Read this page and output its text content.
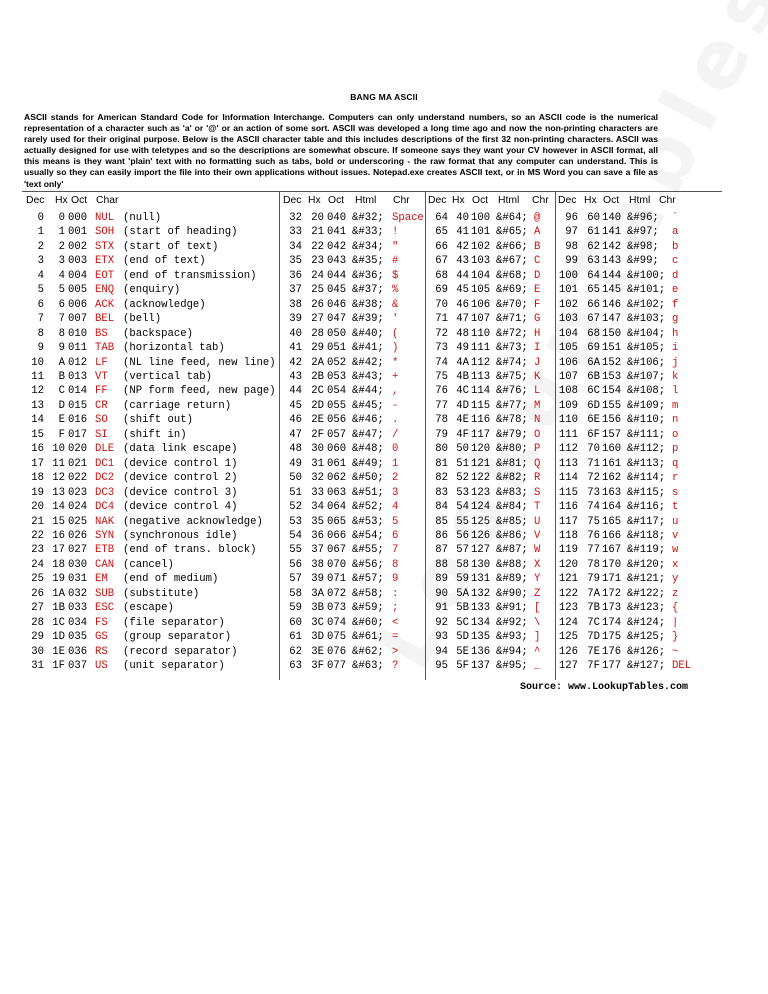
BANG MA ASCII
ASCII stands for American Standard Code for Information Interchange. Computers can only understand numbers, so an ASCII code is the numerical representation of a character such as 'a' or '@' or an action of some sort. ASCII was developed a long time ago and now the non-printing characters are rarely used for their original purpose. Below is the ASCII character table and this includes descriptions of the first 32 non-printing characters. ASCII was actually designed for use with teletypes and so the descriptions are somewhat obscure. If someone says they want your CV however in ASCII format, all this means is they want 'plain' text with no formatting such as tabs, bold or underscoring - the raw format that any computer can understand. This is usually so they can easily import the file into their own applications without issues. Notepad.exe creates ASCII text, or in MS Word you can save a file as 'text only'
Dec Hx Oct Char
0	0 000 NUL (null)
1	1 001 SOH (start of heading)
2	2 002 STX (start of text)
3	3 003 ETX (end of text)
4	4 004 EOT (end of transmission)
5	5 005 ENQ (enquiry)
6	6 006 ACK (acknowledge)
7	7 007 BEL (bell)
8	8 010 BS	(backspace)
9	9 011 TAB (horizontal tab)
10	A 012 LF	(NL line feed, new line)
11	B 013 VT	(vertical tab)
12	C 014 FF	(NP form feed, new page)
13	D 015 CR	(carriage return)
14	E 016 SO	(shift out)
15	F 017 SI	(shift in)
16 10 020 DLE (data link escape)
17 11 021 DC1 (device control 1)
18 12 022 DC2 (device control 2)
19 13 023 DC3 (device control 3)
20 14 024 DC4 (device control 4)
21 15 025 NAK (negative acknowledge)
22 16 026 SYN (synchronous idle)
23 17 027 ETB (end of trans. block)
24 18 030 CAN (cancel)
25 19 031 EM	(end of medium)
26 1A 032 SUB (substitute)
27 1B 033 ESC (escape)
28 1C 034 FS	(file separator)
29 1D 035 GS	(group separator)
30 1E 036 RS	(record separator)
31 1F 037 US	(unit separator)
Dec Hx Oct Html Chr
32 20 040 &#32; Space
33 21 041 &#33; !
34 22 042 &#34; "
35 23 043 &#35; #
36 24 044 &#36; $
37 25 045 &#37; %
38 26 046 &#38; &
39 27 047 &#39; '
40 28 050 &#40; (
41 29 051 &#41; )
42 2A 052 &#42; *
43 2B 053 &#43; +
44 2C 054 &#44; ,
45 2D 055 &#45; -
46 2E 056 &#46; .
47 2F 057 &#47; /
48 30 060 &#48; 0
49 31 061 &#49; 1
50 32 062 &#50; 2
51 33 063 &#51; 3
52 34 064 &#52; 4
53 35 065 &#53; 5
54 36 066 &#54; 6
55 37 067 &#55; 7
56 38 070 &#56; 8
57 39 071 &#57; 9
58 3A 072 &#58; :
59 3B 073 &#59; ;
60 3C 074 &#60; <
61 3D 075 &#61; =
62 3E 076 &#62; >
63 3F 077 &#63; ?
Dec Hx Oct Html Chr
64 40 100 &#64; @
65 41 101 &#65; A
66 42 102 &#66; B
67 43 103 &#67; C
68 44 104 &#68; D
69 45 105 &#69; E
70 46 106 &#70; F
71 47 107 &#71; G
72 48 110 &#72; H
73 49 111 &#73; I
74 4A 112 &#74; J
75 4B 113 &#75; K
76 4C 114 &#76; L
77 4D 115 &#77; M
78 4E 116 &#78; N
79 4F 117 &#79; O
80 50 120 &#80; P
81 51 121 &#81; Q
82 52 122 &#82; R
83 53 123 &#83; S
84 54 124 &#84; T
85 55 125 &#85; U
86 56 126 &#86; V
87 57 127 &#87; W
88 58 130 &#88; X
89 59 131 &#89; Y
90 5A 132 &#90; Z
91 5B 133 &#91; [
92 5C 134 &#92; \
93 5D 135 &#93; ]
94 5E 136 &#94; ^
95 5F 137 &#95; _
Dec Hx Oct Html Chr
96 60 140 &#96;	`
97 61 141 &#97;	a
98 62 142 &#98;	b
99 63 143 &#99;	c
100 64 144 &#100; d
101 65 145 &#101; e
102 66 146 &#102; f
103 67 147 &#103; g
104 68 150 &#104; h
105 69 151 &#105; i
106 6A 152 &#106; j
107 6B 153 &#107; k
108 6C 154 &#108; l
109 6D 155 &#109; m
110 6E 156 &#110; n
111 6F 157 &#111; o
112 70 160 &#112; p
113 71 161 &#113; q
114 72 162 &#114; r
115 73 163 &#115; s
116 74 164 &#116; t
117 75 165 &#117; u
118 76 166 &#118; v
119 77 167 &#119; w
120 78 170 &#120; x
121 79 171 &#121; y
122 7A 172 &#122; z
123 7B 173 &#123; {
124 7C 174 &#124; |
125 7D 175 &#125; }
126 7E 176 &#126; ~
127 7F 177 &#127; DEL
Source: www.LookupTables.com
